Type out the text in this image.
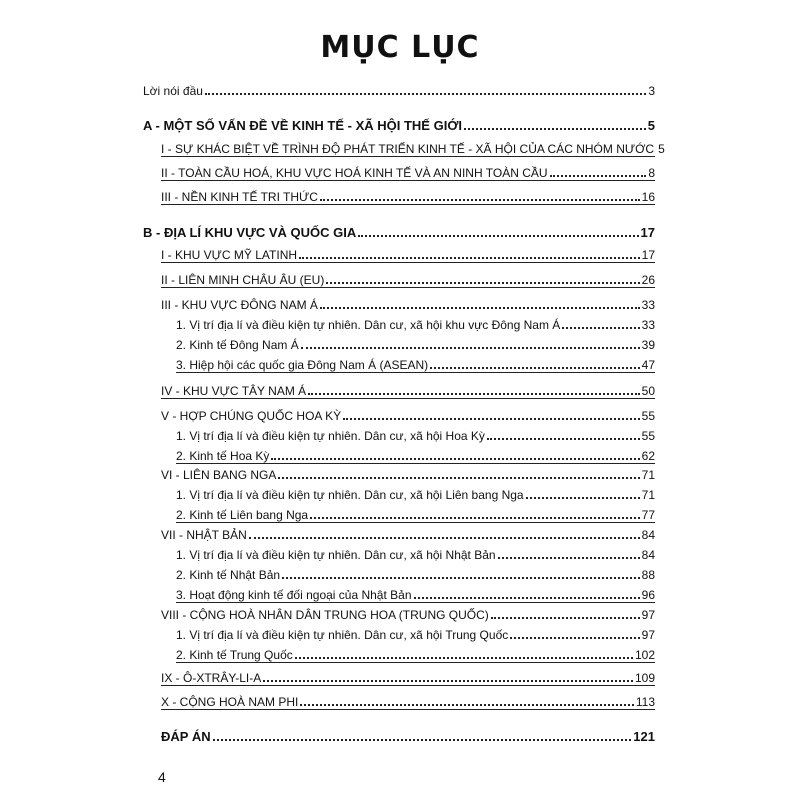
MỤC LỤC
Lời nói đầu	3
A - MỘT SỐ VẤN ĐỀ VỀ KINH TẾ - XÃ HỘI THẾ GIỚI	5
I - SỰ KHÁC BIỆT VỀ TRÌNH ĐỘ PHÁT TRIỂN KINH TẾ - XÃ HỘI CỦA CÁC NHÓM NƯỚC 5
II - TOÀN CẦU HOÁ, KHU VỰC HOÁ KINH TẾ VÀ AN NINH TOÀN CẦU	8
III - NỀN KINH TẾ TRI THỨC	16
B - ĐỊA LÍ KHU VỰC VÀ QUỐC GIA	17
I - KHU VỰC MỸ LATINH	17
II - LIÊN MINH CHÂU ÂU (EU)	26
III - KHU VỰC ĐÔNG NAM Á	33
1. Vị trí địa lí và điều kiện tự nhiên. Dân cư, xã hội khu vực Đông Nam Á	33
2. Kinh tế Đông Nam Á	39
3. Hiệp hội các quốc gia Đông Nam Á (ASEAN)	47
IV - KHU VỰC TÂY NAM Á	50
V - HỢP CHÚNG QUỐC HOA KỲ	55
1. Vị trí địa lí và điều kiện tự nhiên. Dân cư, xã hội Hoa Kỳ	55
2. Kinh tế Hoa Kỳ	62
VI - LIÊN BANG NGA	71
1. Vị trí địa lí và điều kiện tự nhiên. Dân cư, xã hội Liên bang Nga	71
2. Kinh tế Liên bang Nga	77
VII - NHẬT BẢN	84
1. Vị trí địa lí và điều kiện tự nhiên. Dân cư, xã hội Nhật Bản	84
2. Kinh tế Nhật Bản	88
3. Hoạt động kinh tế đối ngoại của Nhật Bản	96
VIII - CỘNG HOÀ NHÂN DÂN TRUNG HOA (TRUNG QUỐC)	97
1. Vị trí địa lí và điều kiện tự nhiên. Dân cư, xã hội Trung Quốc	97
2. Kinh tế Trung Quốc	102
IX - Ô-XTRÂY-LI-A	109
X - CỘNG HOÀ NAM PHI	113
ĐÁP ÁN	121
4
